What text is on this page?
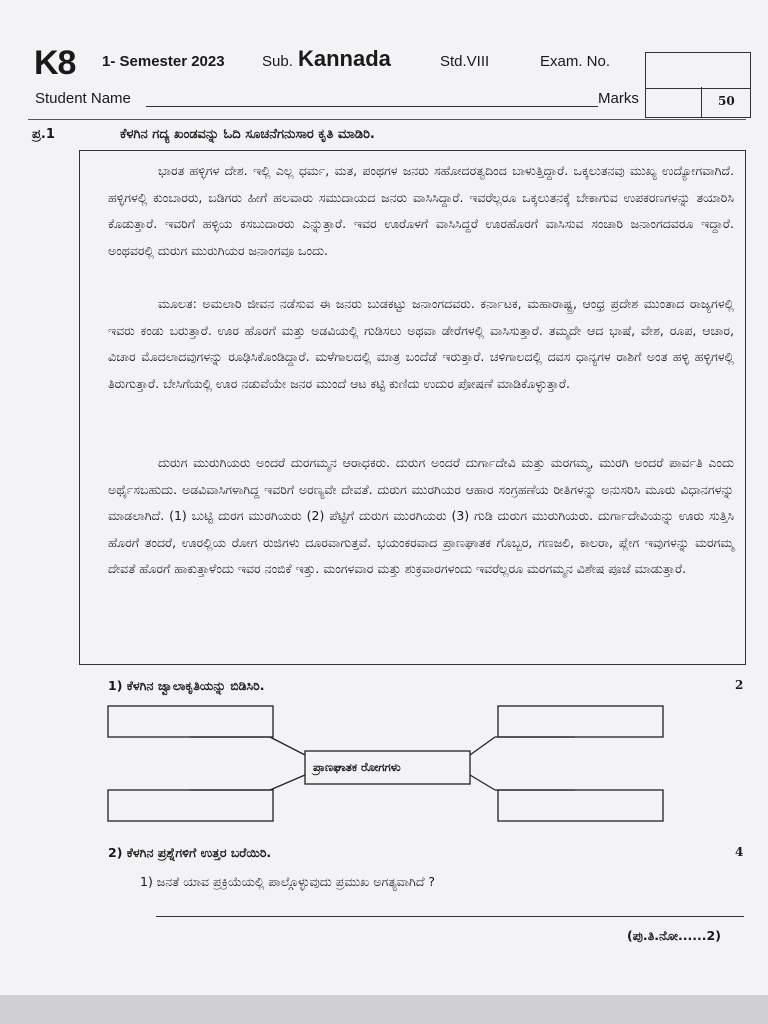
K8 1- Semester 2023 Sub. Kannada	Std.VIII	Exam. No.
50
Student Name	Marks
ಪ್ರ.1	ಕೆಳಗಿನ ಗದ್ಯ ಖಂಡವನ್ನು ಓದಿ ಸೂಚನೆಗನುಸಾರ ಕೃತಿ ಮಾಡಿರಿ.

ಭಾರತ ಹಳ್ಳಿಗಳ ದೇಶ. ಇಲ್ಲಿ ಎಲ್ಲ ಧರ್ಮ, ಮತ, ಪಂಥಗಳ ಜನರು ಸಹೋದರತ್ವದಿಂದ ಬಾಳುತ್ತಿದ್ದಾರೆ. ಒಕ್ಕಲುತನವು ಮುಖ್ಯ ಉದ್ಯೋಗವಾಗಿದೆ. ಹಳ್ಳಿಗಳಲ್ಲಿ ಕುಂಬಾರರು, ಬಡಿಗರು ಹೀಗೆ ಹಲವಾರು ಸಮುದಾಯದ ಜನರು ವಾಸಿಸಿದ್ದಾರೆ. ಇವರೆಲ್ಲರೂ ಒಕ್ಕಲುತನಕ್ಕೆ ಬೇಕಾಗುವ ಉಪಕರಣಗಳನ್ನು ತಯಾರಿಸಿ ಕೊಡುತ್ತಾರೆ. ಇವರಿಗೆ ಹಳ್ಳಿಯ ಕಸಬುದಾರರು ಎನ್ನುತ್ತಾರೆ. ಇವರ ಊರೊಳಗೆ ವಾಸಿಸಿದ್ದರೆ ಊರಹೊರಗೆ ವಾಸಿಸುವ ಸಂಚಾರಿ ಜನಾಂಗದವರೂ ಇದ್ದಾರೆ. ಅಂಥವರಲ್ಲಿ ದುರುಗ ಮುರುಗಿಯರ ಜನಾಂಗವೂ ಒಂದು.

ಮೂಲತ: ಅಮಲಾರಿ ಜೀವನ ನಡೆಸುವ ಈ ಜನರು ಬುಡಕಟ್ಟು ಜನಾಂಗದವರು. ಕರ್ನಾಟಕ, ಮಹಾರಾಷ್ಟ್ರ, ಆಂಧ್ರ ಪ್ರದೇಶ ಮುಂತಾದ ರಾಜ್ಯಗಳಲ್ಲಿ ಇವರು ಕಂಡು ಬರುತ್ತಾರೆ. ಊರ ಹೊರಗೆ ಮತ್ತು ಅಡವಿಯಲ್ಲಿ ಗುಡಿಸಲು ಅಥವಾ ಡೇರೆಗಳಲ್ಲಿ ವಾಸಿಸುತ್ತಾರೆ. ತಮ್ಮದೇ ಆದ ಭಾಷೆ, ವೇಶ, ರೂಪ, ಆಚಾರ, ವಿಚಾರ ಮೊದಲಾದವುಗಳನ್ನು ರೂಢಿಸಿಕೊಂಡಿದ್ದಾರೆ. ಮಳೆಗಾಲದಲ್ಲಿ ಮಾತ್ರ ಬಂದೆಡೆ ಇರುತ್ತಾರೆ. ಚಳಿಗಾಲದಲ್ಲಿ ದವಸ ಧಾನ್ಯಗಳ ರಾಶಿಗೆ ಅಂತ ಹಳ್ಳಿ ಹಳ್ಳಿಗಳಲ್ಲಿ ತಿರುಗುತ್ತಾರೆ. ಬೇಸಿಗೆಯಲ್ಲಿ ಊರ ನಡುವೆಯೇ ಜನರ ಮುಂದೆ ಆಟ ಕಟ್ಟಿ ಕುಣಿದು ಉದುರ ಪೋಷಣೆ ಮಾಡಿಕೊಳ್ಳುತ್ತಾರೆ.

ದುರುಗ ಮುರುಗಿಯರು ಅಂದರೆ ದುರಗಮ್ಮನ ಆರಾಧಕರು. ದುರುಗ ಅಂದರೆ ದುರ್ಗಾದೇವಿ ಮತ್ತು ಮರಗಮ್ಮ, ಮುರಗಿ ಅಂದರೆ ಪಾರ್ವತಿ ಎಂದು ಅರ್ಥೈಸಬಹುದು. ಅಡವಿವಾಸಿಗಳಾಗಿದ್ದ ಇವರಿಗೆ ಅರಣ್ಯವೇ ದೇವತೆ. ದುರುಗ ಮುರಗಿಯರ ಆಹಾರ ಸಂಗ್ರಹಣೆಯ ರೀತಿಗಳನ್ನು ಅನುಸರಿಸಿ ಮೂರು ವಿಧಾನಗಳನ್ನು ಮಾಡಲಾಗಿದೆ. (1) ಬುಟ್ಟಿ ದುರಗ ಮುರಗಿಯರು (2) ಪೆಟ್ಟಿಗೆ ದುರುಗ ಮುರಗಿಯರು (3) ಗುಡಿ ದುರುಗ ಮುರುಗಿಯರು. ದುರ್ಗಾದೇವಿಯನ್ನು ಊರು ಸುತ್ತಿಸಿ ಹೊರಗೆ ತಂದರೆ, ಊರಲ್ಲಿಯ ರೋಗ ರುಜಿಗಳು ದೂರವಾಗುತ್ತವೆ. ಭಯಂಕರವಾದ ಪ್ರಾಣಘಾತಕ ಗೊಬ್ಬರ, ಗಣಜಲಿ, ಕಾಲರಾ, ಪ್ಲೇಗ ಇವುಗಳನ್ನು ಮರಗಮ್ಮ ದೇವತೆ ಹೊರಗೆ ಹಾಕುತ್ತಾಳೆಂದು ಇವರ ನಂಬಿಕೆ ಇತ್ತು. ಮಂಗಳವಾರ ಮತ್ತು ಶುಕ್ರವಾರಗಳಂದು ಇವರೆಲ್ಲರೂ ಮರಗಮ್ಮನ ವಿಶೇಷ ಪೂಜೆ ಮಾಡುತ್ತಾರೆ.

1) ಕೆಳಗಿನ ಜ್ವಾಲಾಕೃತಿಯನ್ನು ಬಿಡಿಸಿರಿ.	2
ಪ್ರಾಣಘಾತಕ ರೋಗಗಳು
2) ಕೆಳಗಿನ ಪ್ರಶ್ನೆಗಳಿಗೆ ಉತ್ತರ ಬರೆಯಿರಿ.	4
1) ಜನತೆ ಯಾವ ಪ್ರಕ್ರಿಯೆಯಲ್ಲಿ ಪಾಲ್ಗೊಳ್ಳುವುದು ಪ್ರಮುಖ ಅಗತ್ಯವಾಗಿದೆ ?
(ಪು.ತಿ.ನೋ......2)
